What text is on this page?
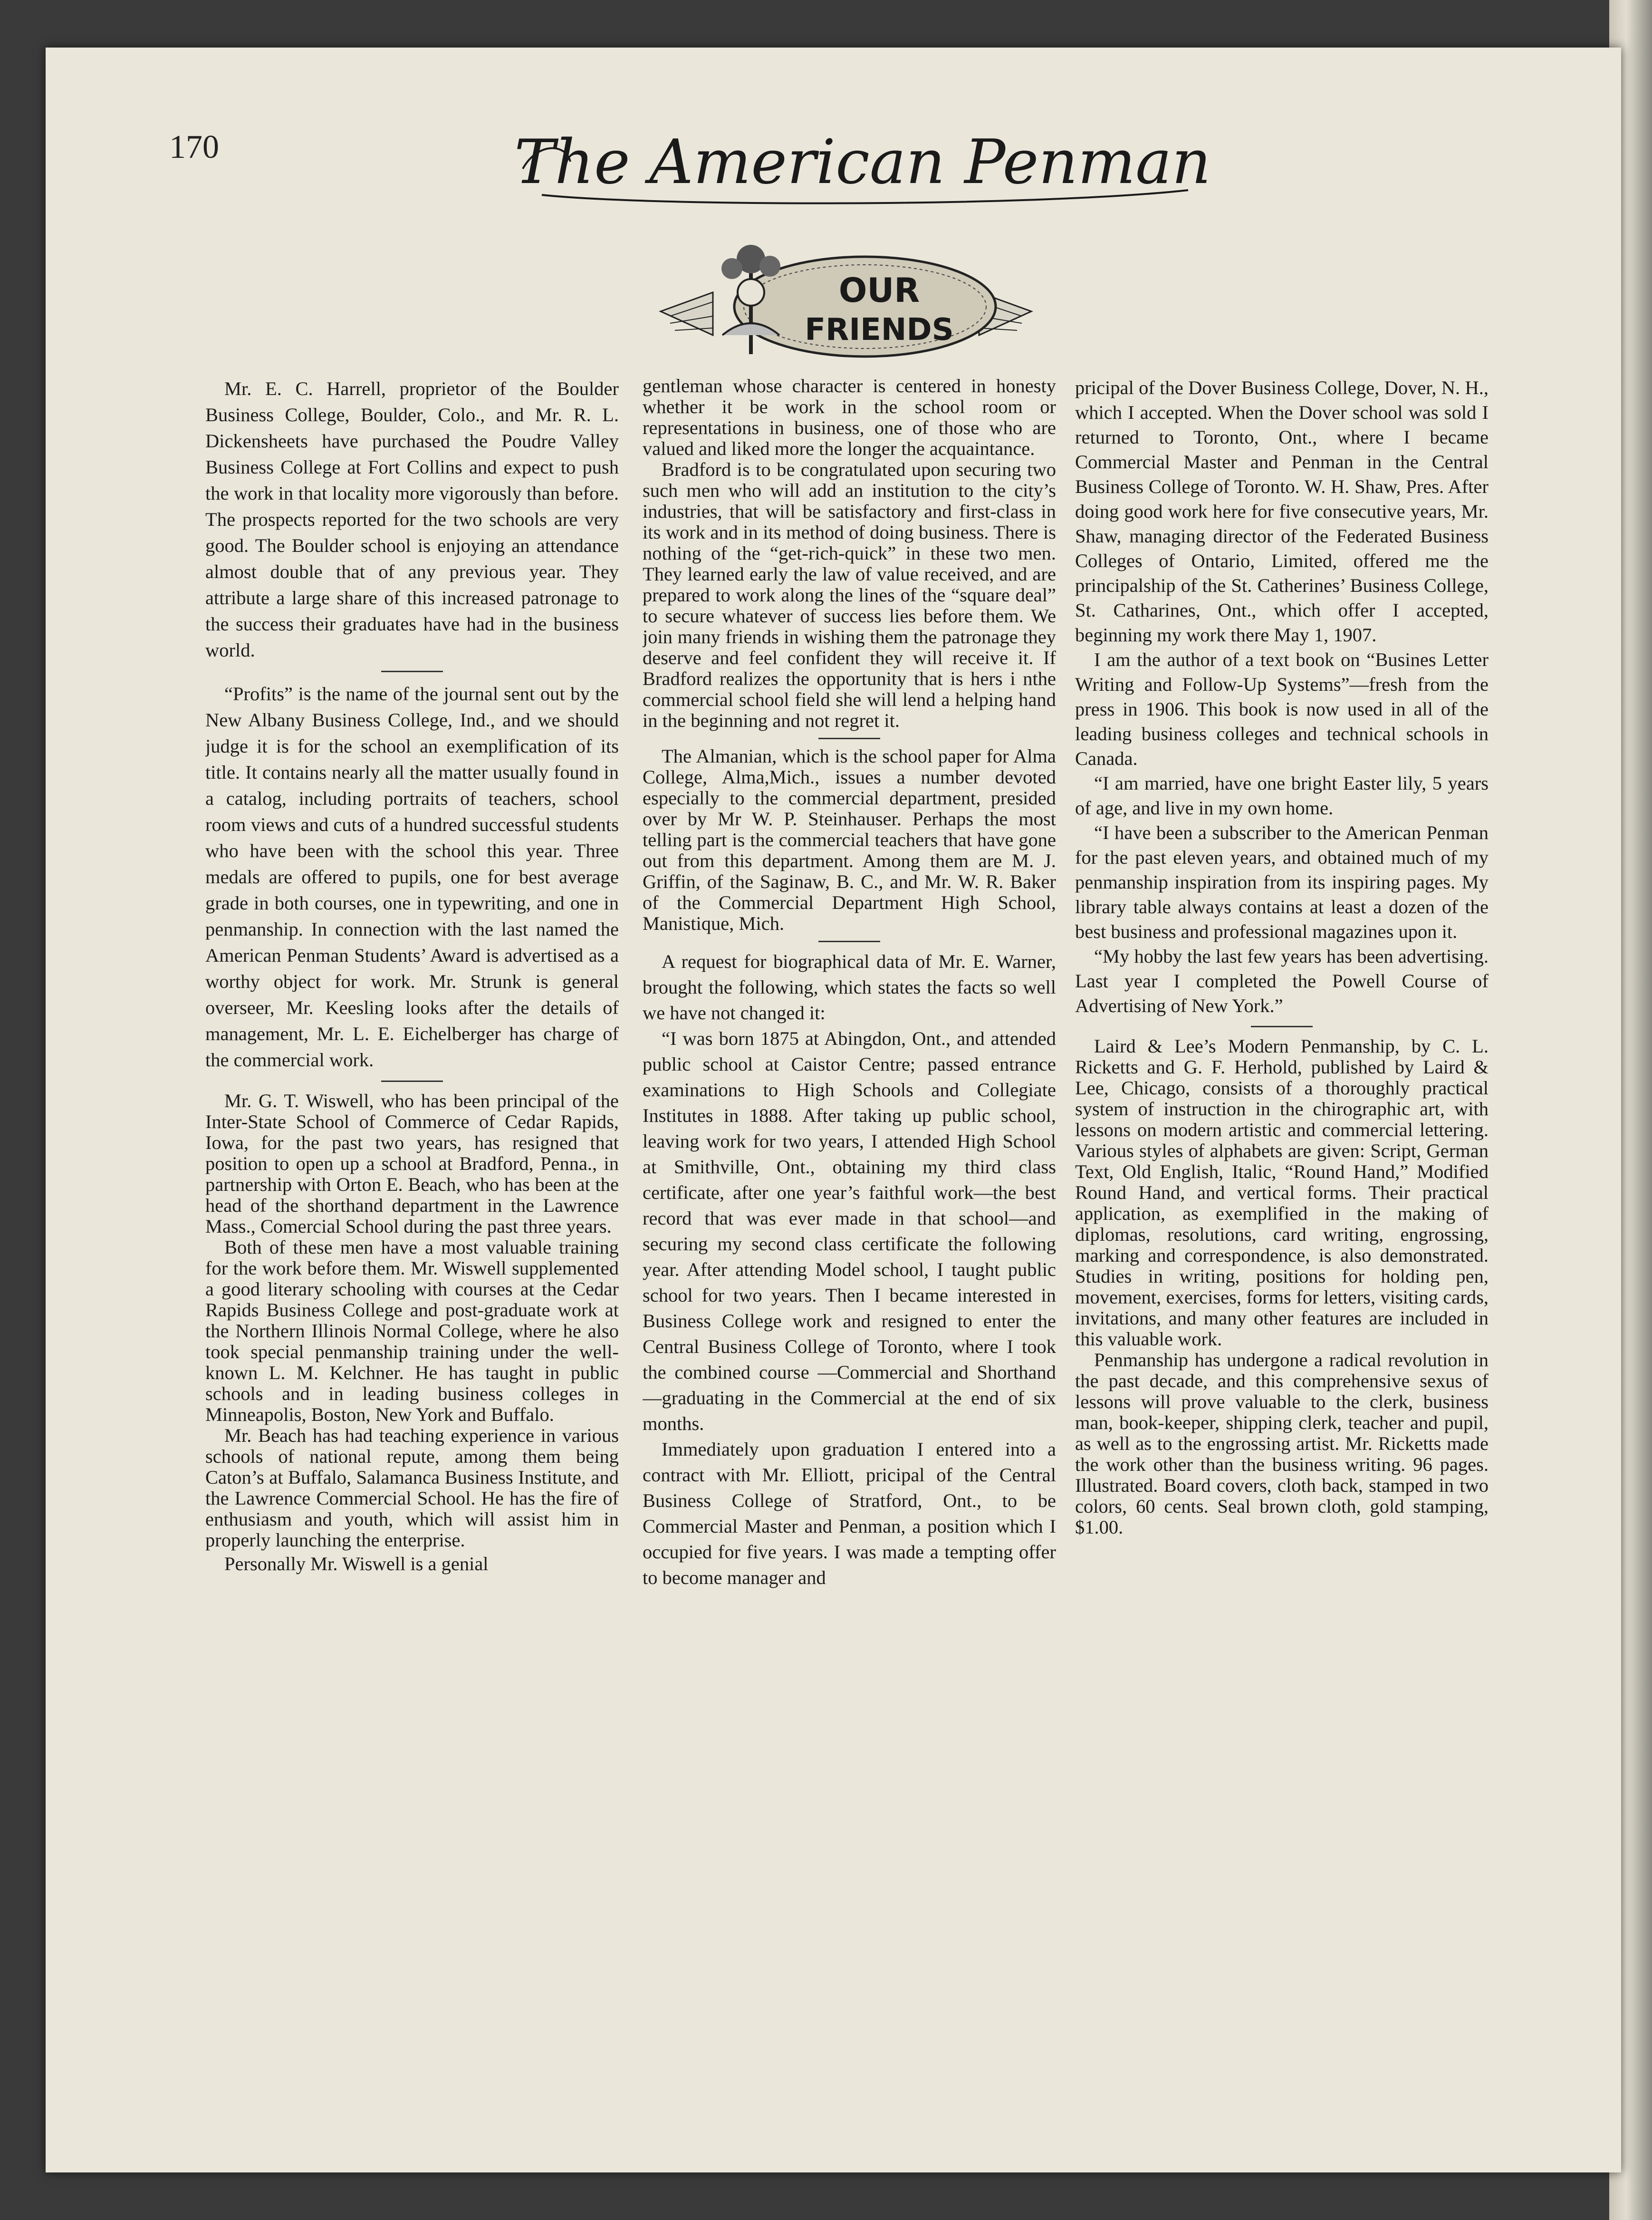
170	The American Penman
OUR
FRIENDS

Mr. E. C. Harrell, proprietor of the Boulder Business College, Boulder, Colo., and Mr. R. L. Dickensheets have purchased the Poudre Valley Business College at Fort Collins and expect to push the work in that locality more vigorously than before. The prospects reported for the two schools are very good. The Boulder school is enjoying an attendance almost double that of any previous year. They attribute a large share of this increased patronage to the success their graduates have had in the business world.

“Profits” is the name of the journal sent out by the New Albany Business College, Ind., and we should judge it is for the school an exemplification of its title. It contains nearly all the matter usually found in a catalog, including portraits of teachers, school room views and cuts of a hundred successful students who have been with the school this year. Three medals are offered to pupils, one for best average grade in both courses, one in typewriting, and one in penmanship. In connection with the last named the American Penman Students’ Award is advertised as a worthy object for work. Mr. Strunk is general overseer, Mr. Keesling looks after the details of management, Mr. L. E. Eichelberger has charge of the commercial work.

Mr. G. T. Wiswell, who has been principal of the Inter-State School of Commerce of Cedar Rapids, Iowa, for the past two years, has resigned that position to open up a school at Bradford, Penna., in partnership with Orton E. Beach, who has been at the head of the shorthand department in the Lawrence Mass., Comercial School during the past three years.

Both of these men have a most valuable training for the work before them. Mr. Wiswell supplemented a good literary schooling with courses at the Cedar Rapids Business College and post-graduate work at the Northern Illinois Normal College, where he also took special penmanship training under the well-known L. M. Kelchner. He has taught in public schools and in leading business colleges in Minneapolis, Boston, New York and Buffalo.

Mr. Beach has had teaching experience in various schools of national repute, among them being Caton’s at Buffalo, Salamanca Business Institute, and the Lawrence Commercial School. He has the fire of enthusiasm and youth, which will assist him in properly launching the enterprise.

Personally Mr. Wiswell is a genial

gentleman whose character is centered in honesty whether it be work in the school room or representations in business, one of those who are valued and liked more the longer the acquaintance.

Bradford is to be congratulated upon securing two such men who will add an institution to the city’s industries, that will be satisfactory and first-class in its work and in its method of doing business. There is nothing of the “get-rich-quick” in these two men. They learned early the law of value received, and are prepared to work along the lines of the “square deal” to secure whatever of success lies before them. We join many friends in wishing them the patronage they deserve and feel confident they will receive it. If Bradford realizes the opportunity that is hers i nthe commercial school field she will lend a helping hand in the beginning and not regret it.

The Almanian, which is the school paper for Alma College, Alma,Mich., issues a number devoted especially to the commercial department, presided over by Mr W. P. Steinhauser. Perhaps the most telling part is the commercial teachers that have gone out from this department. Among them are M. J. Griffin, of the Saginaw, B. C., and Mr. W. R. Baker of the Commercial Department High School, Manistique, Mich.

A request for biographical data of Mr. E. Warner, brought the following, which states the facts so well we have not changed it:

“I was born 1875 at Abingdon, Ont., and attended public school at Caistor Centre; passed entrance examinations to High Schools and Collegiate Institutes in 1888. After taking up public school, leaving work for two years, I attended High School at Smithville, Ont., obtaining my third class certificate, after one year’s faithful work—the best record that was ever made in that school—and securing my second class certificate the following year. After attending Model school, I taught public school for two years. Then I became interested in Business College work and resigned to enter the Central Business College of Toronto, where I took the combined course —Commercial and Shorthand—graduating in the Commercial at the end of six months.

Immediately upon graduation I entered into a contract with Mr. Elliott, pricipal of the Central Business College of Stratford, Ont., to be Commercial Master and Penman, a position which I occupied for five years. I was made a tempting offer to become manager and

pricipal of the Dover Business College, Dover, N. H., which I accepted. When the Dover school was sold I returned to Toronto, Ont., where I became Commercial Master and Penman in the Central Business College of Toronto. W. H. Shaw, Pres. After doing good work here for five consecutive years, Mr. Shaw, managing director of the Federated Business Colleges of Ontario, Limited, offered me the principalship of the St. Catherines’ Business College, St. Catharines, Ont., which offer I accepted, beginning my work there May 1, 1907.

I am the author of a text book on “Busines Letter Writing and Follow-Up Systems”—fresh from the press in 1906. This book is now used in all of the leading business colleges and technical schools in Canada.

“I am married, have one bright Easter lily, 5 years of age, and live in my own home.

“I have been a subscriber to the American Penman for the past eleven years, and obtained much of my penmanship inspiration from its inspiring pages. My library table always contains at least a dozen of the best business and professional magazines upon it.

“My hobby the last few years has been advertising. Last year I completed the Powell Course of Advertising of New York.”

Laird & Lee’s Modern Penmanship, by C. L. Ricketts and G. F. Herhold, published by Laird & Lee, Chicago, consists of a thoroughly practical system of instruction in the chirographic art, with lessons on modern artistic and commercial lettering. Various styles of alphabets are given: Script, German Text, Old English, Italic, “Round Hand,” Modified Round Hand, and vertical forms. Their practical application, as exemplified in the making of diplomas, resolutions, card writing, engrossing, marking and correspondence, is also demonstrated. Studies in writing, positions for holding pen, movement, exercises, forms for letters, visiting cards, invitations, and many other features are included in this valuable work.

Penmanship has undergone a radical revolution in the past decade, and this comprehensive sexus of lessons will prove valuable to the clerk, business man, book-keeper, shipping clerk, teacher and pupil, as well as to the engrossing artist. Mr. Ricketts made the work other than the business writing. 96 pages. Illustrated. Board covers, cloth back, stamped in two colors, 60 cents. Seal brown cloth, gold stamping, $1.00.
